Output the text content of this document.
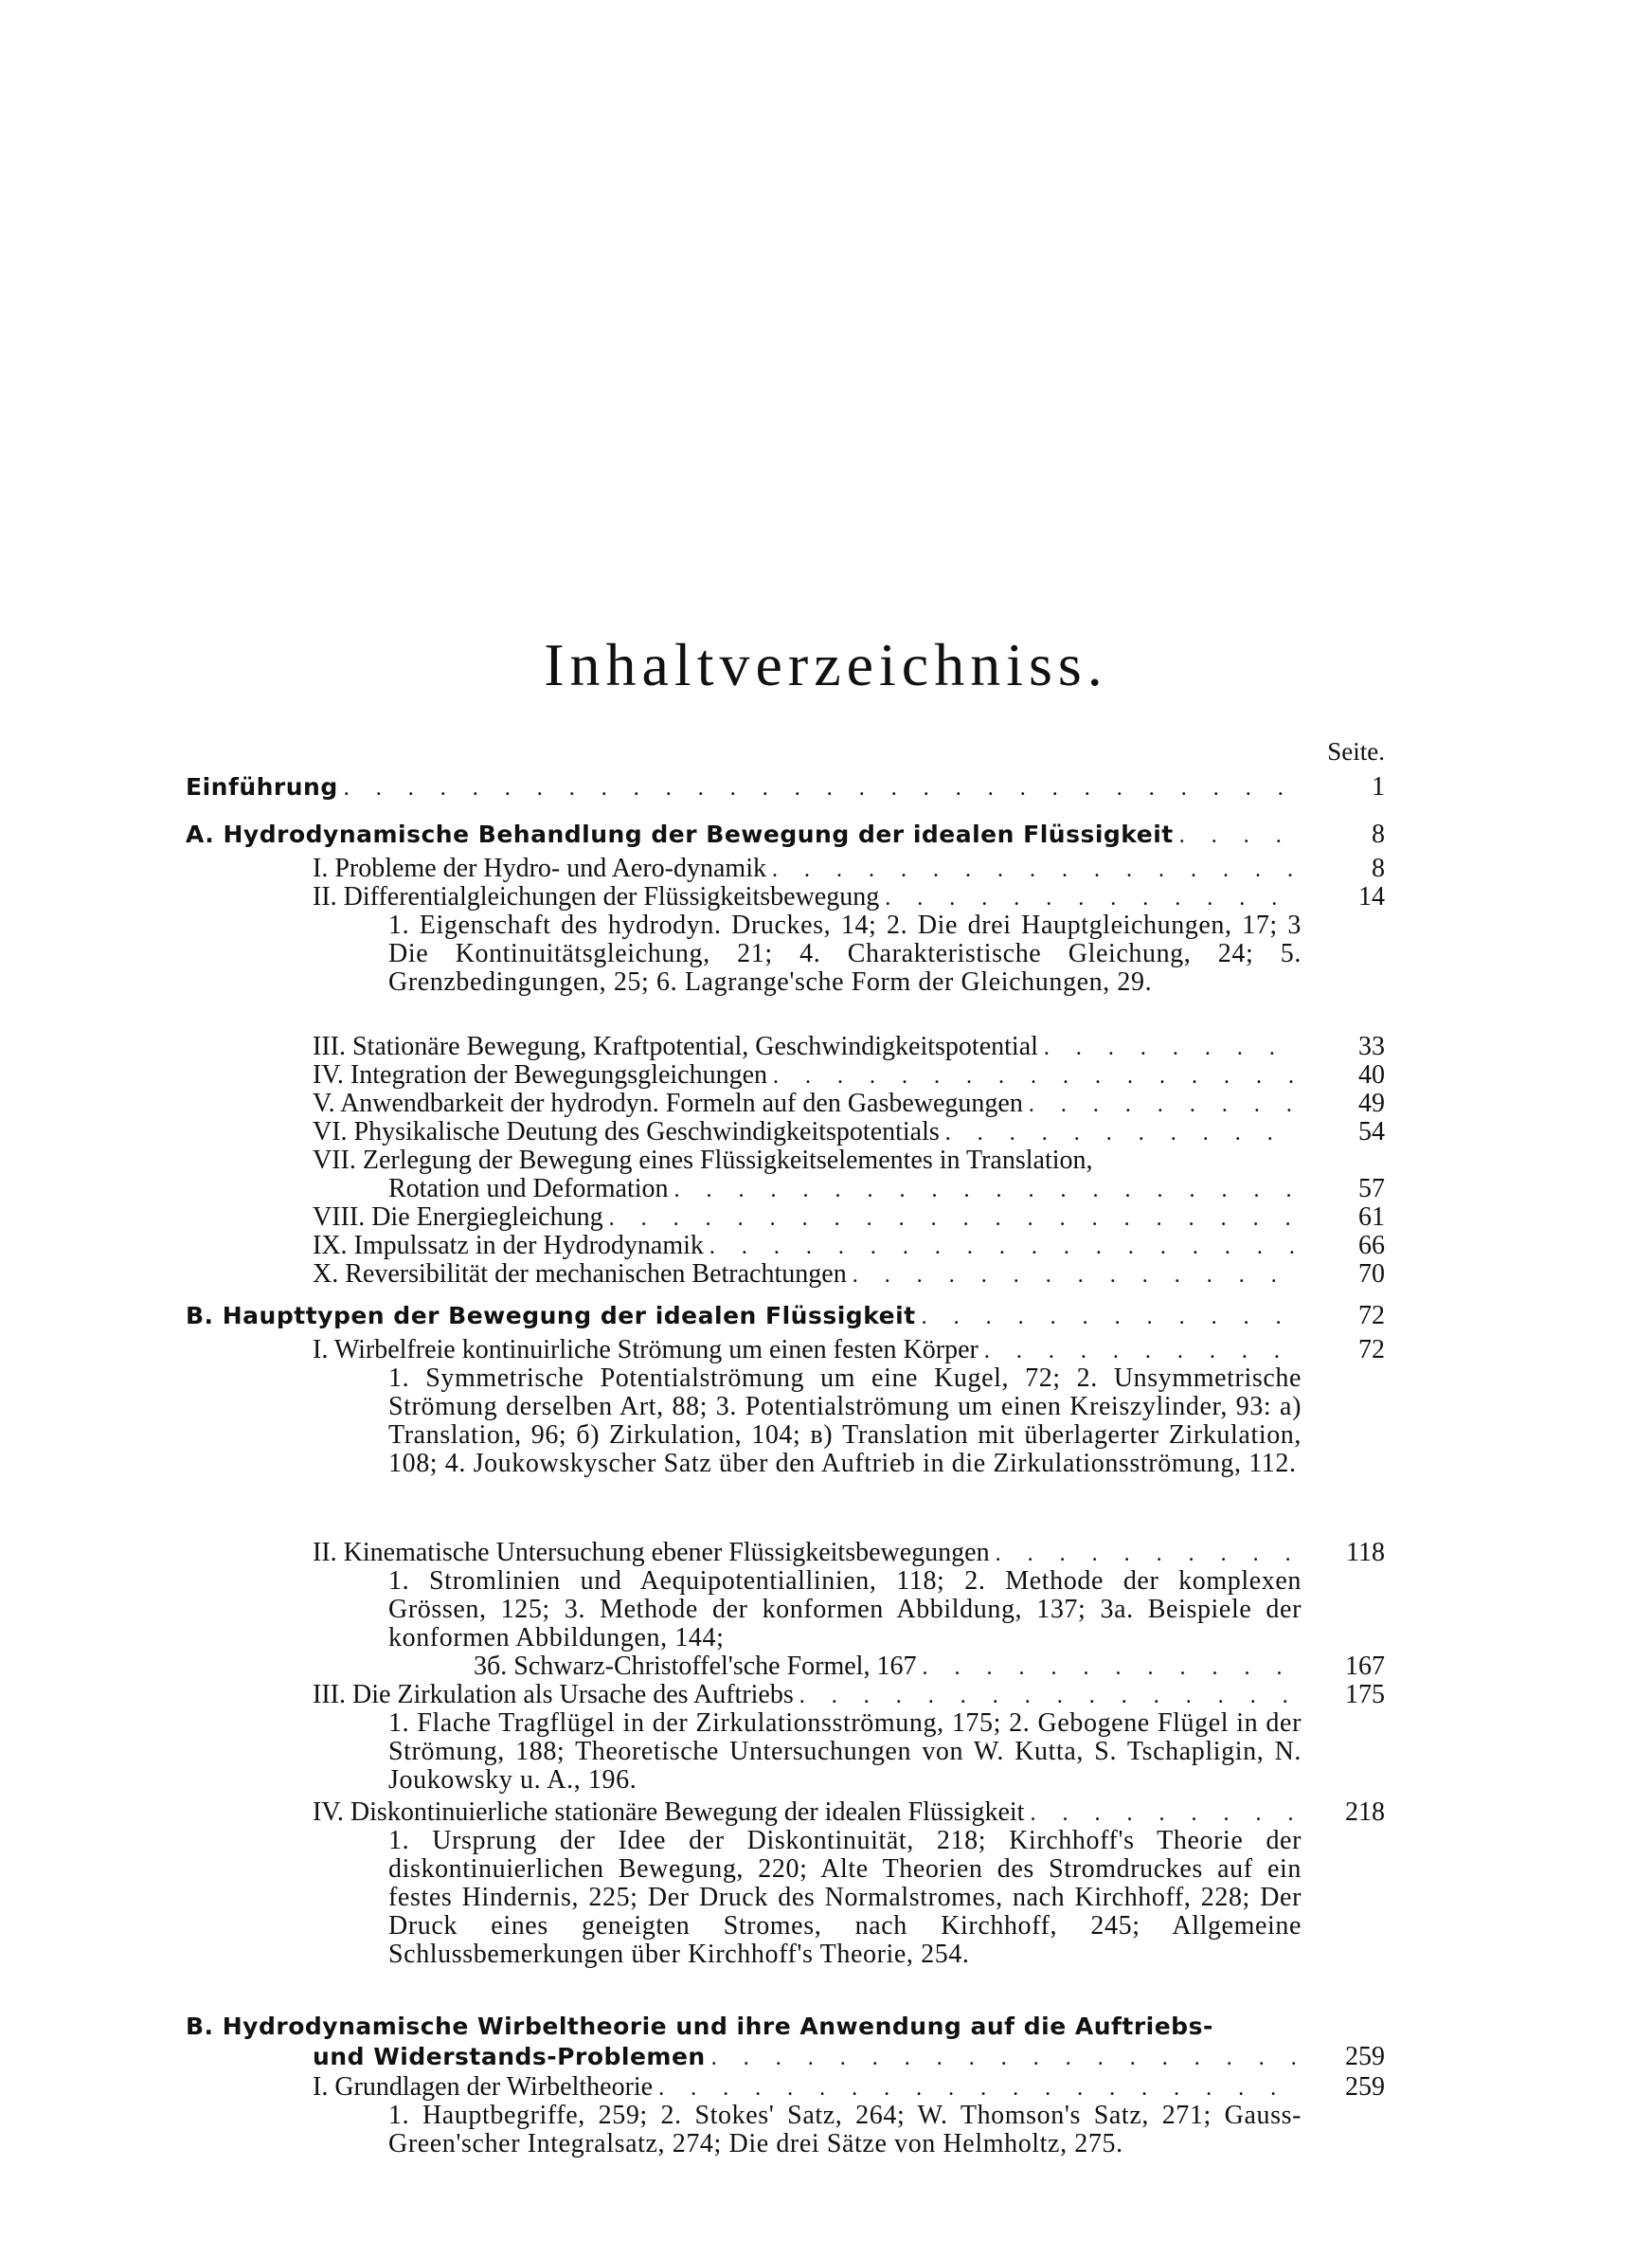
Inhaltverzeichniss.
Seite.
Einführung . . .	1
A. Hydrodynamische Behandlung der Bewegung der idealen Flüssigkeit . . .	8
I. Probleme der Hydro- und Aero-dynamik . . .	8
II. Differentialgleichungen der Flüssigkeitsbewegung . . .	14
1. Eigenschaft des hydrodyn. Druckes, 14; 2. Die drei Hauptgleichungen, 17; 3 Die Kontinuitätsgleichung, 21; 4. Charakteristische Gleichung, 24; 5. Grenzbedingungen, 25; 6. Lagrange'sche Form der Gleichungen, 29.
III. Stationäre Bewegung, Kraftpotential, Geschwindigkeitspotential . . .	33
IV. Integration der Bewegungsgleichungen . . .	40
V. Anwendbarkeit der hydrodyn. Formeln auf den Gasbewegungen . . .	49
VI. Physikalische Deutung des Geschwindigkeitspotentials . . .	54
VII. Zerlegung der Bewegung eines Flüssigkeitselementes in Translation,
Rotation und Deformation . . .	57
VIII. Die Energiegleichung . . .	61
IX. Impulssatz in der Hydrodynamik . . .	66
X. Reversibilität der mechanischen Betrachtungen . . .	70
B. Haupttypen der Bewegung der idealen Flüssigkeit . . .	72
I. Wirbelfreie kontinuirliche Strömung um einen festen Körper . . .	72
1. Symmetrische Potentialströmung um eine Kugel, 72; 2. Unsymmetrische Strömung derselben Art, 88; 3. Potentialströmung um einen Kreiszylinder, 93: a) Translation, 96; б) Zirkulation, 104; в) Translation mit überlagerter Zirkulation, 108; 4. Joukowskyscher Satz über den Auftrieb in die Zirkulationsströmung, 112.
II. Kinematische Untersuchung ebener Flüssigkeitsbewegungen . . .	118
1. Stromlinien und Aequipotentiallinien, 118; 2. Methode der komplexen Grössen, 125; 3. Methode der konformen Abbildung, 137; 3a. Beispiele der konformen Abbildungen, 144;
3б. Schwarz-Christoffel'sche Formel, 167 . . .	167
III. Die Zirkulation als Ursache des Auftriebs . . .	175
1. Flache Tragflügel in der Zirkulationsströmung, 175; 2. Gebogene Flügel in der Strömung, 188; Theoretische Untersuchungen von W. Kutta, S. Tschapligin, N. Joukowsky u. A., 196.
IV. Diskontinuierliche stationäre Bewegung der idealen Flüssigkeit . . .	218
1. Ursprung der Idee der Diskontinuität, 218; Kirchhoff's Theorie der diskontinuierlichen Bewegung, 220; Alte Theorien des Stromdruckes auf ein festes Hindernis, 225; Der Druck des Normalstromes, nach Kirchhoff, 228; Der Druck eines geneigten Stromes, nach Kirchhoff, 245; Allgemeine Schlussbemerkungen über Kirchhoff's Theorie, 254.
B. Hydrodynamische Wirbeltheorie und ihre Anwendung auf die Auftriebs-
und Widerstands-Problemen . . .	259
I. Grundlagen der Wirbeltheorie . . .	259
1. Hauptbegriffe, 259; 2. Stokes' Satz, 264; W. Thomson's Satz, 271; Gauss-Green'scher Integralsatz, 274; Die drei Sätze von Helmholtz, 275.
